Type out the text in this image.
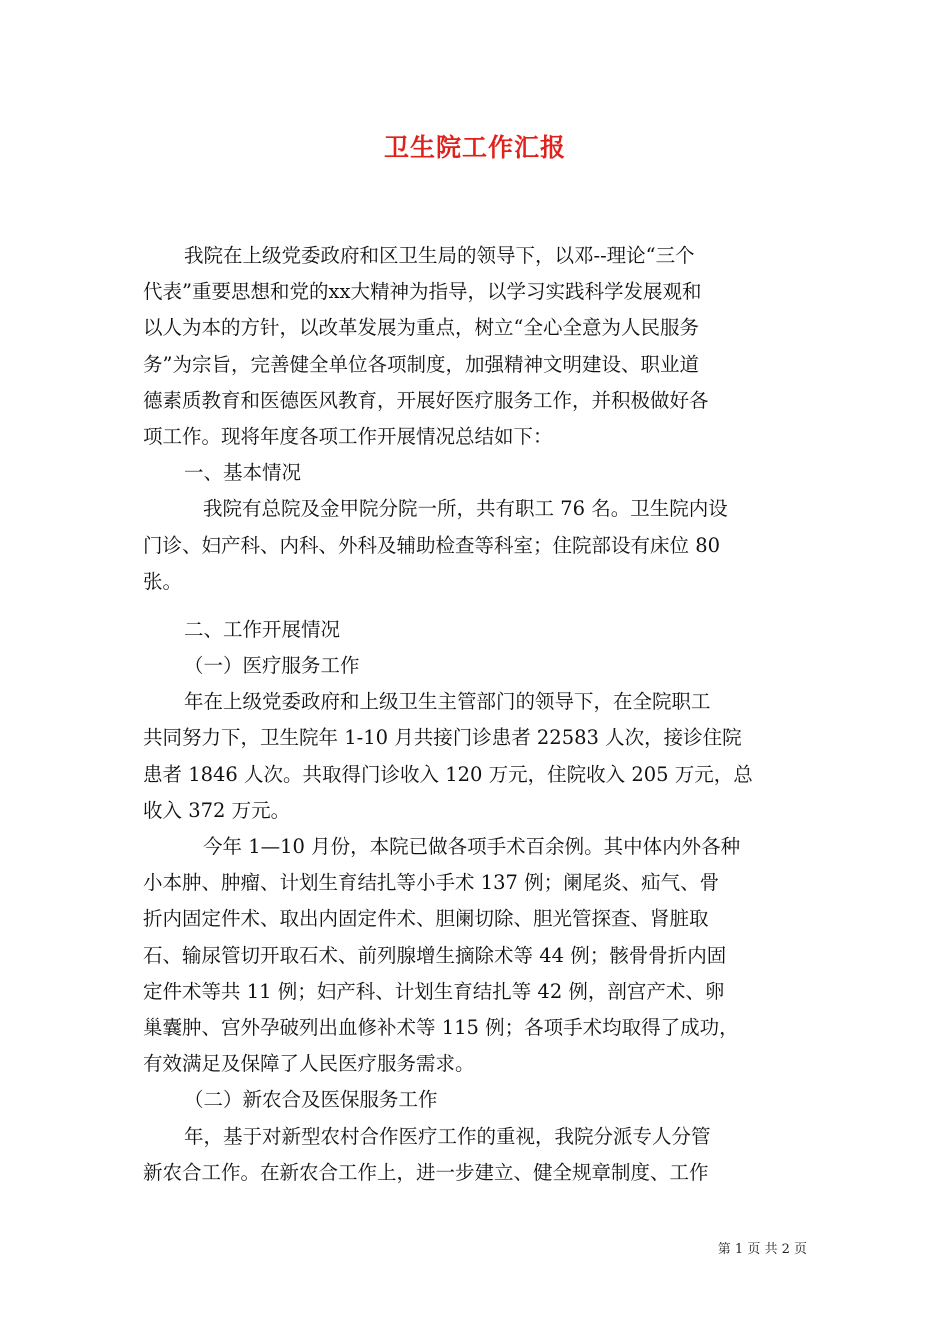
卫生院工作汇报
我院在上级党委政府和区卫生局的领导下，以邓--理论“三个
代表”重要思想和党的xx大精神为指导，以学习实践科学发展观和
以人为本的方针，以改革发展为重点，树立“全心全意为人民服务
务”为宗旨，完善健全单位各项制度，加强精神文明建设、职业道
德素质教育和医德医风教育，开展好医疗服务工作，并积极做好各
项工作。现将年度各项工作开展情况总结如下：
一、基本情况
我院有总院及金甲院分院一所，共有职工 76 名。卫生院内设
门诊、妇产科、内科、外科及辅助检查等科室；住院部设有床位 80
张。
二、工作开展情况
（一）医疗服务工作
年在上级党委政府和上级卫生主管部门的领导下，在全院职工
共同努力下，卫生院年 1-10 月共接门诊患者 22583 人次，接诊住院
患者 1846 人次。共取得门诊收入 120 万元，住院收入 205 万元，总
收入 372 万元。
今年 1—10 月份，本院已做各项手术百余例。其中体内外各种
小本肿、肿瘤、计划生育结扎等小手术 137 例；阑尾炎、疝气、骨
折内固定件术、取出内固定件术、胆阑切除、胆光管探查、肾脏取
石、输尿管切开取石术、前列腺增生摘除术等 44 例；骸骨骨折内固
定件术等共 11 例；妇产科、计划生育结扎等 42 例，剖宫产术、卵
巢囊肿、宫外孕破列出血修补术等 115 例；各项手术均取得了成功，
有效满足及保障了人民医疗服务需求。
（二）新农合及医保服务工作
年，基于对新型农村合作医疗工作的重视，我院分派专人分管
新农合工作。在新农合工作上，进一步建立、健全规章制度、工作
第 1 页 共 2 页
